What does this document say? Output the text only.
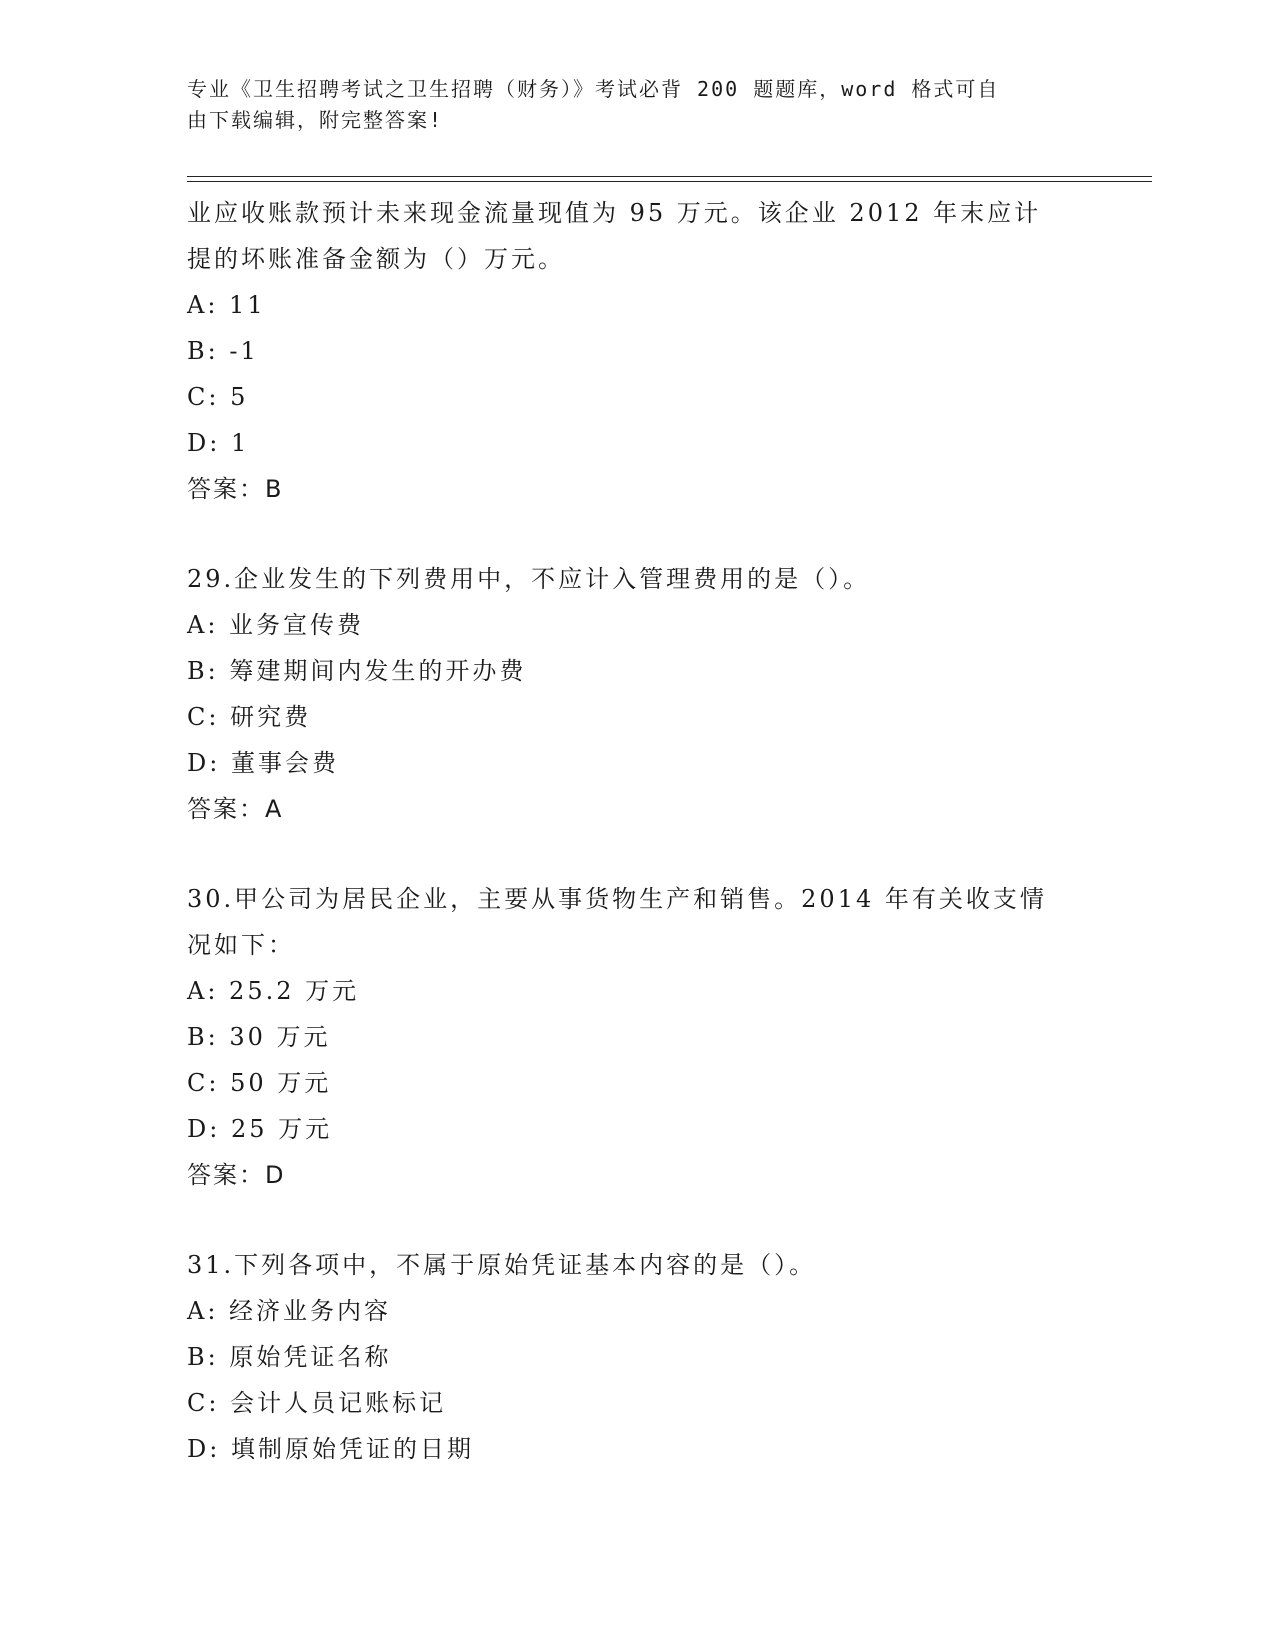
专业《卫生招聘考试之卫生招聘（财务）》考试必背 200 题题库，word 格式可自
由下载编辑，附完整答案!
业应收账款预计未来现金流量现值为 95 万元。该企业 2012 年末应计
提的坏账准备金额为（）万元。
A: 11
B: -1
C: 5
D: 1
答案：B
29.企业发生的下列费用中，不应计入管理费用的是（）。
A: 业务宣传费
B: 筹建期间内发生的开办费
C: 研究费
D: 董事会费
答案：A
30.甲公司为居民企业，主要从事货物生产和销售。2014 年有关收支情
况如下：
A: 25.2 万元
B: 30 万元
C: 50 万元
D: 25 万元
答案：D
31.下列各项中，不属于原始凭证基本内容的是（）。
A: 经济业务内容
B: 原始凭证名称
C: 会计人员记账标记
D: 填制原始凭证的日期
